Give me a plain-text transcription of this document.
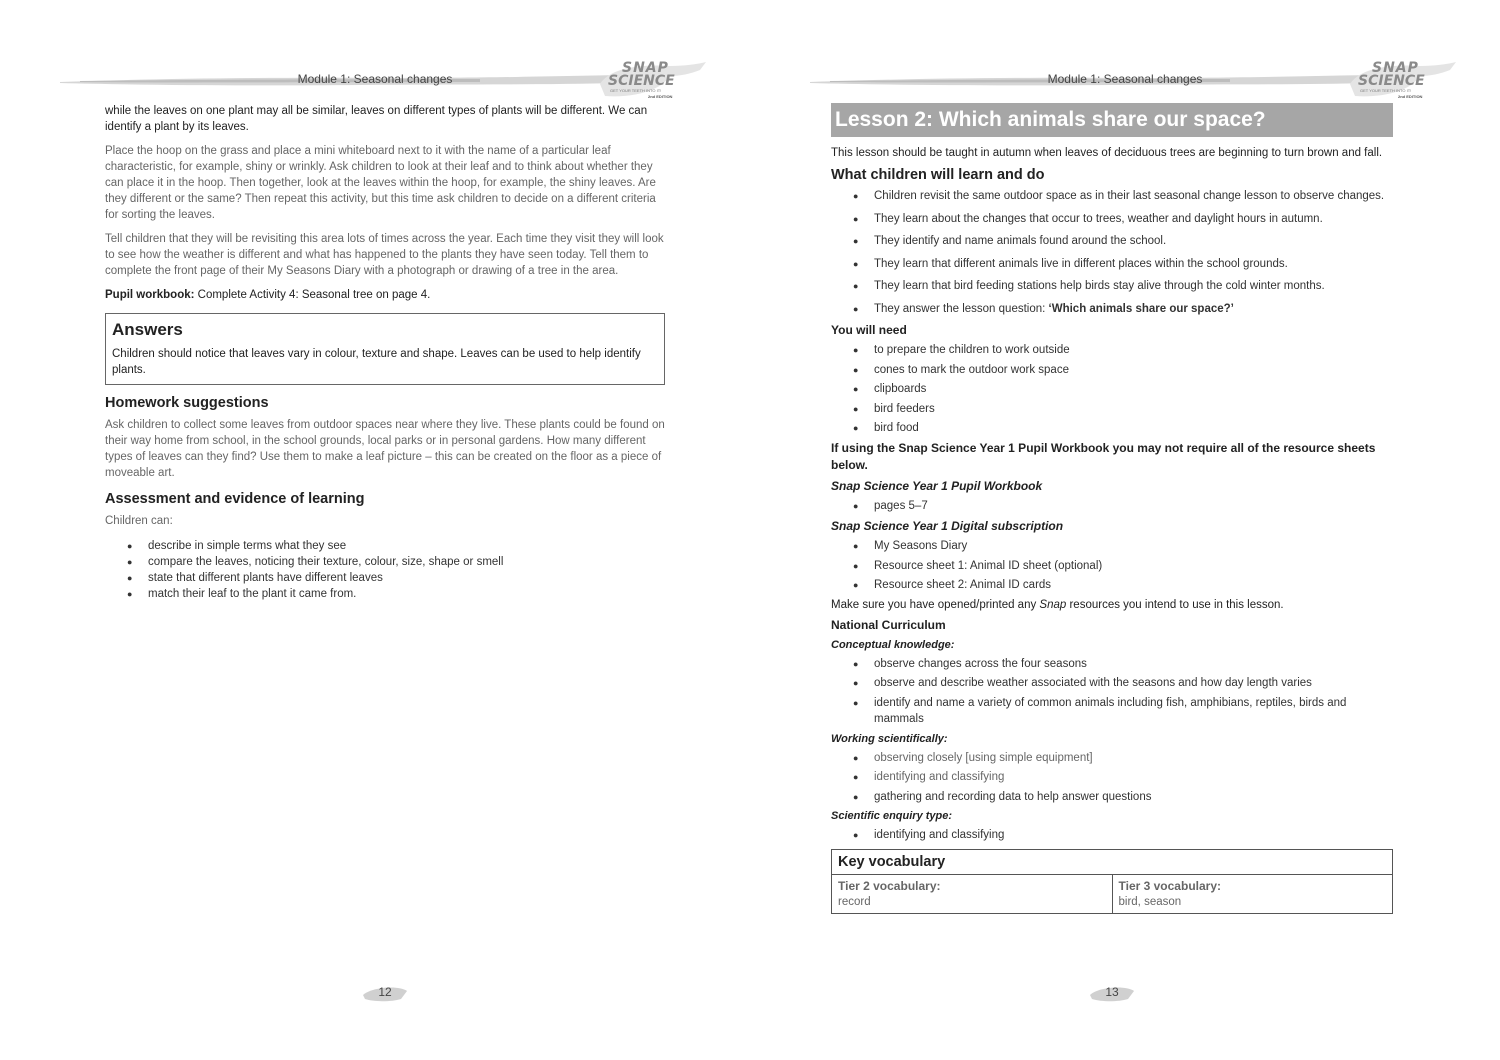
Module 1: Seasonal changes
SNAP
SCIENCE
GET YOUR TEETH INTO IT!
2nd EDITION

while the leaves on one plant may all be similar, leaves on different types of plants will be different. We can identify a plant by its leaves.

Place the hoop on the grass and place a mini whiteboard next to it with the name of a particular leaf characteristic, for example, shiny or wrinkly. Ask children to look at their leaf and to think about whether they can place it in the hoop. Then together, look at the leaves within the hoop, for example, the shiny leaves. Are they different or the same? Then repeat this activity, but this time ask children to decide on a different criteria for sorting the leaves.

Tell children that they will be revisiting this area lots of times across the year. Each time they visit they will look to see how the weather is different and what has happened to the plants they have seen today. Tell them to complete the front page of their My Seasons Diary with a photograph or drawing of a tree in the area.

Pupil workbook: Complete Activity 4: Seasonal tree on page 4.

Answers

Children should notice that leaves vary in colour, texture and shape. Leaves can be used to help identify plants.

Homework suggestions

Ask children to collect some leaves from outdoor spaces near where they live. These plants could be found on their way home from school, in the school grounds, local parks or in personal gardens. How many different types of leaves can they find? Use them to make a leaf picture – this can be created on the floor as a piece of moveable art.

Assessment and evidence of learning

Children can:

● describe in simple terms what they see
● compare the leaves, noticing their texture, colour, size, shape or smell
● state that different plants have different leaves
● match their leaf to the plant it came from.
12
Module 1: Seasonal changes
SNAP
SCIENCE
GET YOUR TEETH INTO IT!
2nd EDITION
Lesson 2: Which animals share our space?

This lesson should be taught in autumn when leaves of deciduous trees are beginning to turn brown and fall.

What children will learn and do
● Children revisit the same outdoor space as in their last seasonal change lesson to observe changes.
● They learn about the changes that occur to trees, weather and daylight hours in autumn.
● They identify and name animals found around the school.
● They learn that different animals live in different places within the school grounds.
● They learn that bird feeding stations help birds stay alive through the cold winter months.
● They answer the lesson question: ‘Which animals share our space?’
You will need
● to prepare the children to work outside
● cones to mark the outdoor work space
● clipboards
● bird feeders
● bird food

If using the Snap Science Year 1 Pupil Workbook you may not require all of the resource sheets below.

Snap Science Year 1 Pupil Workbook
● pages 5–7
Snap Science Year 1 Digital subscription
● My Seasons Diary
● Resource sheet 1: Animal ID sheet (optional)
● Resource sheet 2: Animal ID cards

Make sure you have opened/printed any Snap resources you intend to use in this lesson.

National Curriculum
Conceptual knowledge:
● observe changes across the four seasons
● observe and describe weather associated with the seasons and how day length varies
● identify and name a variety of common animals including fish, amphibians, reptiles, birds and mammals
Working scientifically:
● observing closely [using simple equipment]
● identifying and classifying
● gathering and recording data to help answer questions
Scientific enquiry type:
● identifying and classifying
Key vocabulary
Tier 2 vocabulary:
record
Tier 3 vocabulary:
bird, season
13
